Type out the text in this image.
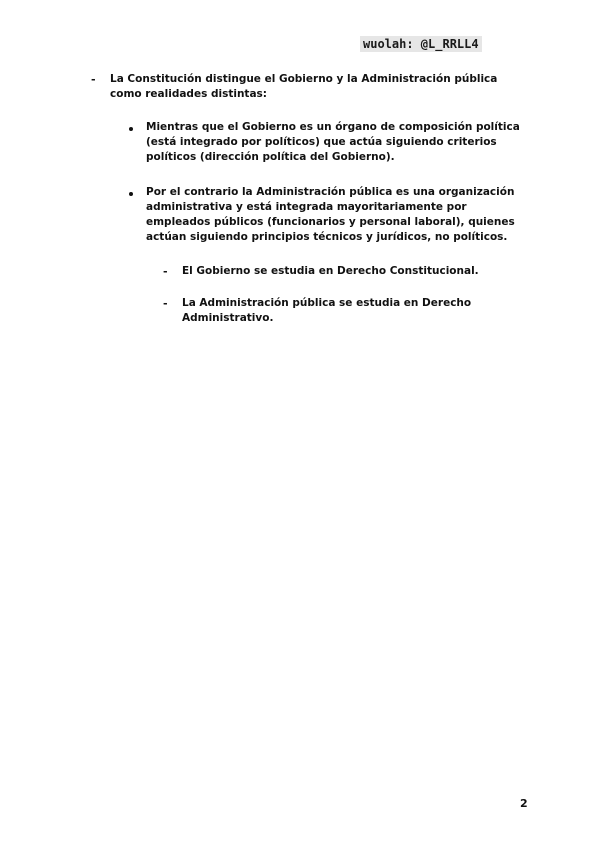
wuolah: @L_RRLL4
- La Constitución distingue el Gobierno y la Administración pública como realidades distintas:
Mientras que el Gobierno es un órgano de composición política (está integrado por políticos) que actúa siguiendo criterios políticos (dirección política del Gobierno).
Por el contrario la Administración pública es una organización administrativa y está integrada mayoritariamente por empleados públicos (funcionarios y personal laboral), quienes actúan siguiendo principios técnicos y jurídicos, no políticos.
- El Gobierno se estudia en Derecho Constitucional.
- La Administración pública se estudia en Derecho Administrativo.
2
